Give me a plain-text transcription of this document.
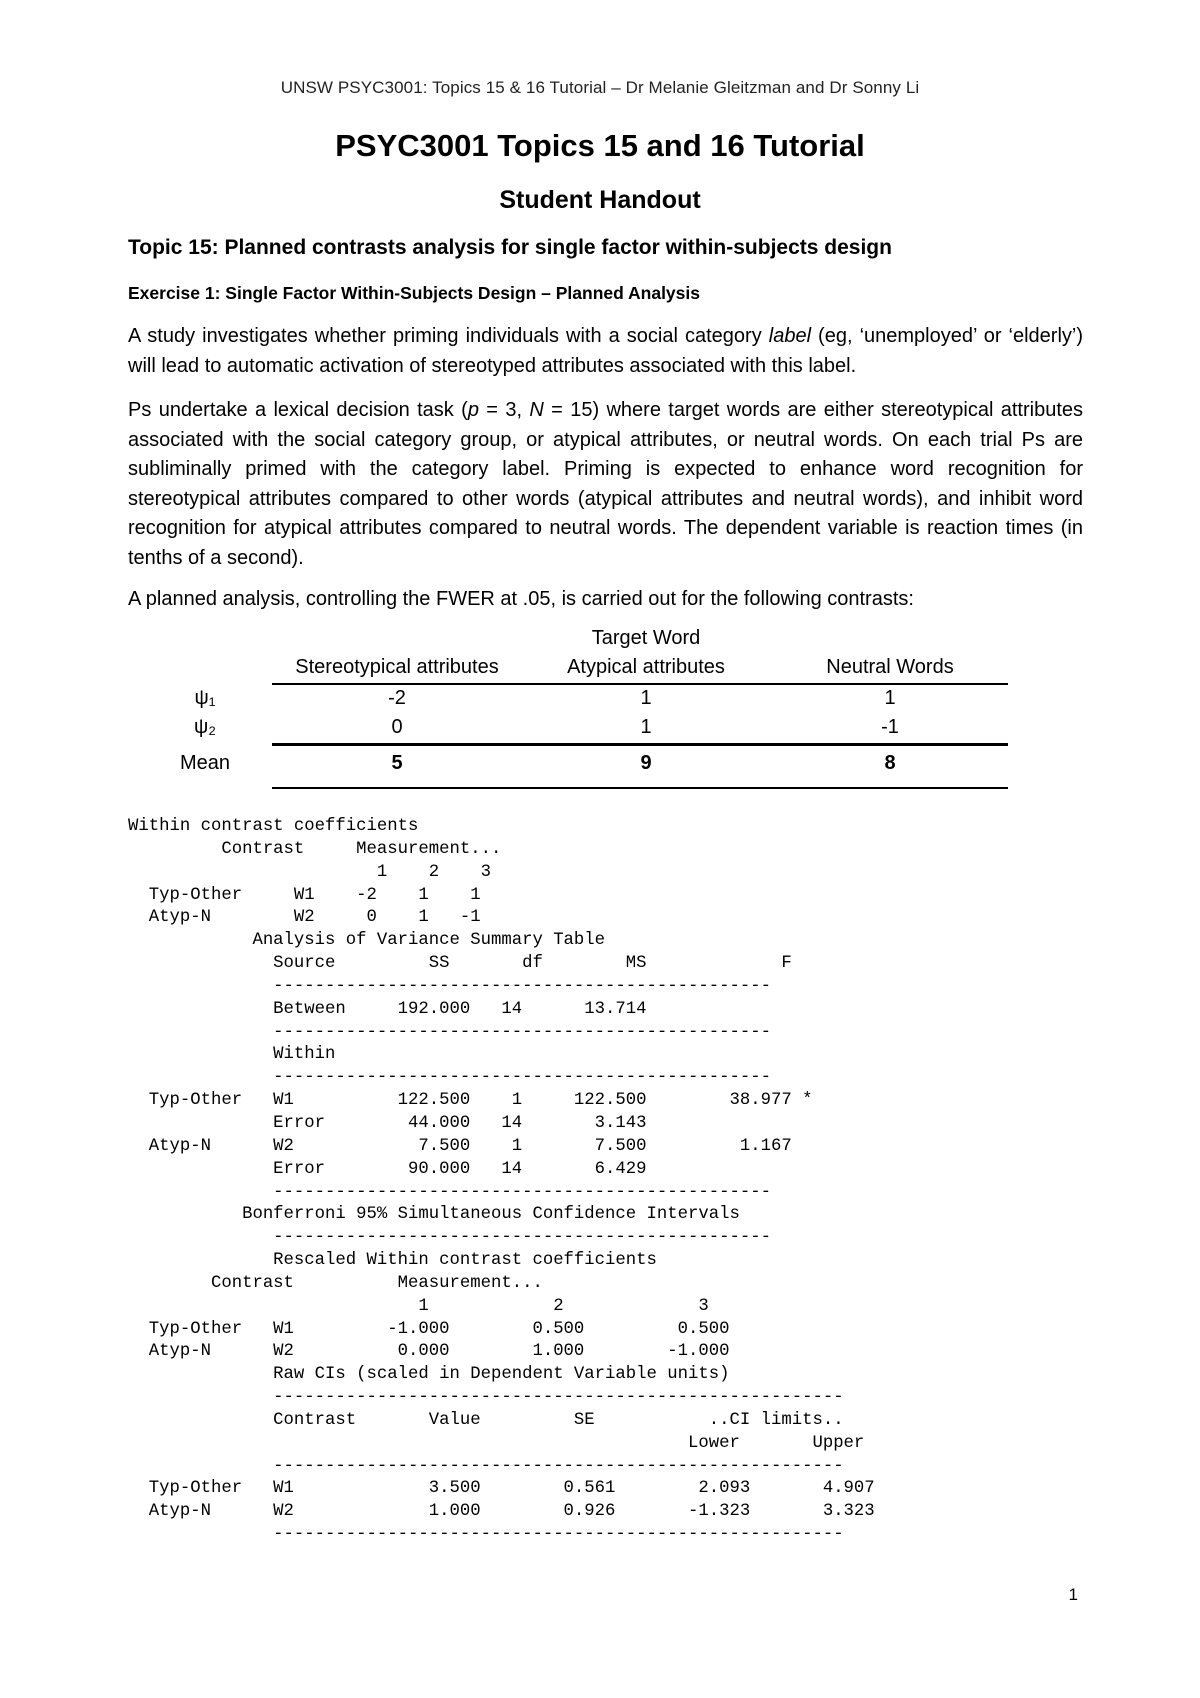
UNSW PSYC3001: Topics 15 & 16 Tutorial – Dr Melanie Gleitzman and Dr Sonny Li
PSYC3001 Topics 15 and 16 Tutorial
Student Handout
Topic 15: Planned contrasts analysis for single factor within-subjects design
Exercise 1: Single Factor Within-Subjects Design – Planned Analysis
A study investigates whether priming individuals with a social category label (eg, ‘unemployed’ or ‘elderly’) will lead to automatic activation of stereotyped attributes associated with this label.
Ps undertake a lexical decision task (p = 3, N = 15) where target words are either stereotypical attributes associated with the social category group, or atypical attributes, or neutral words. On each trial Ps are subliminally primed with the category label. Priming is expected to enhance word recognition for stereotypical attributes compared to other words (atypical attributes and neutral words), and inhibit word recognition for atypical attributes compared to neutral words. The dependent variable is reaction times (in tenths of a second).
A planned analysis, controlling the FWER at .05, is carried out for the following contrasts:
Target Word
Stereotypical attributes	Atypical attributes	Neutral Words
ψ₁	-2	1	1
ψ₂	0	1	-1
Mean	5	9	8
Within contrast coefficients
Contrast     Measurement...
1    2    3
Typ-Other     W1    -2    1    1
Atyp-N        W2     0    1   -1
Analysis of Variance Summary Table
Source         SS       df        MS             F
------------------------------------------------
Between     192.000   14      13.714
------------------------------------------------
Within
------------------------------------------------
Typ-Other   W1          122.500    1     122.500        38.977 *
Error        44.000   14       3.143
Atyp-N      W2            7.500    1       7.500         1.167
Error        90.000   14       6.429
------------------------------------------------
Bonferroni 95% Simultaneous Confidence Intervals
------------------------------------------------
Rescaled Within contrast coefficients
Contrast          Measurement...
1            2             3
Typ-Other   W1         -1.000        0.500         0.500
Atyp-N      W2          0.000        1.000        -1.000
Raw CIs (scaled in Dependent Variable units)
-------------------------------------------------------
Contrast       Value         SE           ..CI limits..
Lower       Upper
-------------------------------------------------------
Typ-Other   W1             3.500        0.561        2.093       4.907
Atyp-N      W2             1.000        0.926       -1.323       3.323
-------------------------------------------------------
1
